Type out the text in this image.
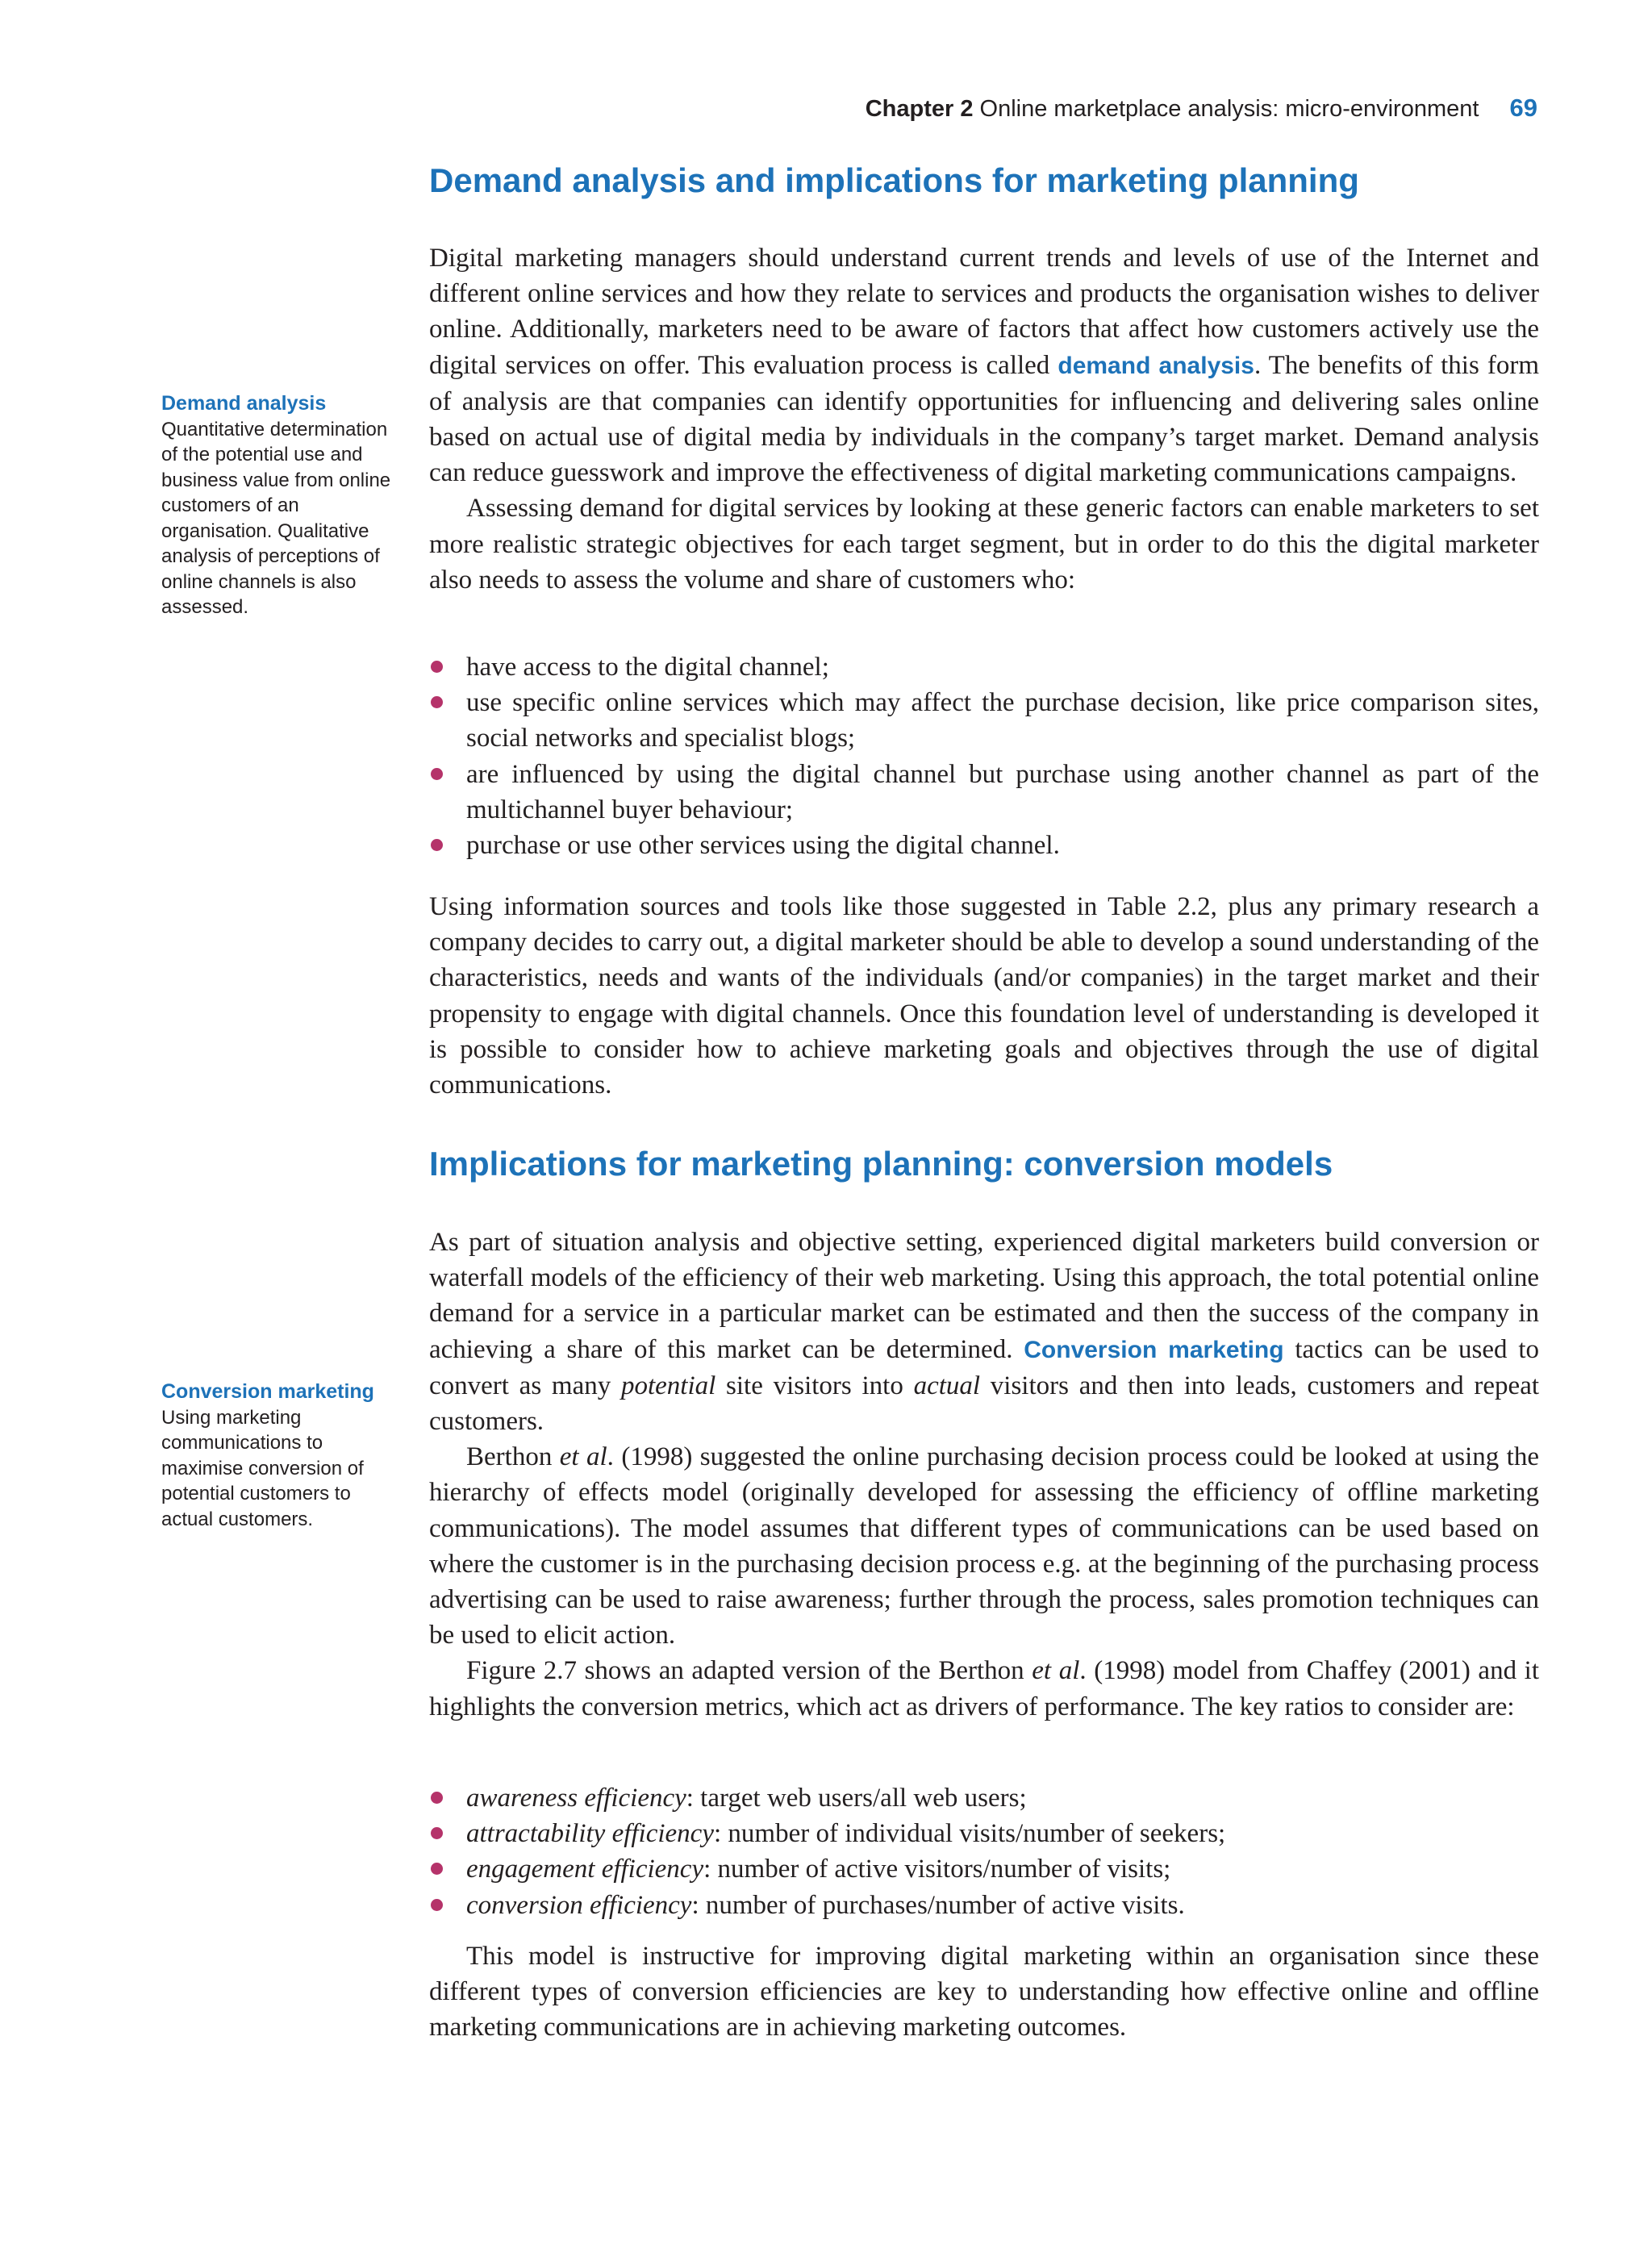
Chapter 2 Online marketplace analysis: micro-environment 69
Demand analysis and implications for marketing planning

Digital marketing managers should understand current trends and levels of use of the Internet and different online services and how they relate to services and products the organisation wishes to deliver online. Additionally, marketers need to be aware of factors that affect how customers actively use the digital services on offer. This evaluation process is called demand analysis. The benefits of this form of analysis are that companies can identify opportunities for influencing and delivering sales online based on actual use of digital media by individuals in the company’s target market. Demand analysis can reduce guesswork and improve the effectiveness of digital marketing communications campaigns.

Assessing demand for digital services by looking at these generic factors can enable marketers to set more realistic strategic objectives for each target segment, but in order to do this the digital marketer also needs to assess the volume and share of customers who:

have access to the digital channel;
use specific online services which may affect the purchase decision, like price comparison sites, social networks and specialist blogs;
are influenced by using the digital channel but purchase using another channel as part of the multichannel buyer behaviour;
purchase or use other services using the digital channel.

Using information sources and tools like those suggested in Table 2.2, plus any primary research a company decides to carry out, a digital marketer should be able to develop a sound understanding of the characteristics, needs and wants of the individuals (and/or companies) in the target market and their propensity to engage with digital channels. Once this foundation level of understanding is developed it is possible to consider how to achieve marketing goals and objectives through the use of digital communications.

Implications for marketing planning: conversion models

As part of situation analysis and objective setting, experienced digital marketers build conversion or waterfall models of the efficiency of their web marketing. Using this approach, the total potential online demand for a service in a particular market can be estimated and then the success of the company in achieving a share of this market can be determined. Conversion marketing tactics can be used to convert as many potential site visitors into actual visitors and then into leads, customers and repeat customers.

Berthon et al. (1998) suggested the online purchasing decision process could be looked at using the hierarchy of effects model (originally developed for assessing the efficiency of offline marketing communications). The model assumes that different types of communications can be used based on where the customer is in the purchasing decision process e.g. at the beginning of the purchasing process advertising can be used to raise awareness; further through the process, sales promotion techniques can be used to elicit action.

Figure 2.7 shows an adapted version of the Berthon et al. (1998) model from Chaffey (2001) and it highlights the conversion metrics, which act as drivers of performance. The key ratios to consider are:

awareness efficiency: target web users/all web users;
attractability efficiency: number of individual visits/number of seekers;
engagement efficiency: number of active visitors/number of visits;
conversion efficiency: number of purchases/number of active visits.

This model is instructive for improving digital marketing within an organisation since these different types of conversion efficiencies are key to understanding how effective online and offline marketing communications are in achieving marketing outcomes.

Demand analysis
Quantitative determination of the potential use and business value from online customers of an organisation. Qualitative analysis of perceptions of online channels is also assessed.
Conversion marketing
Using marketing communications to maximise conversion of potential customers to actual customers.
